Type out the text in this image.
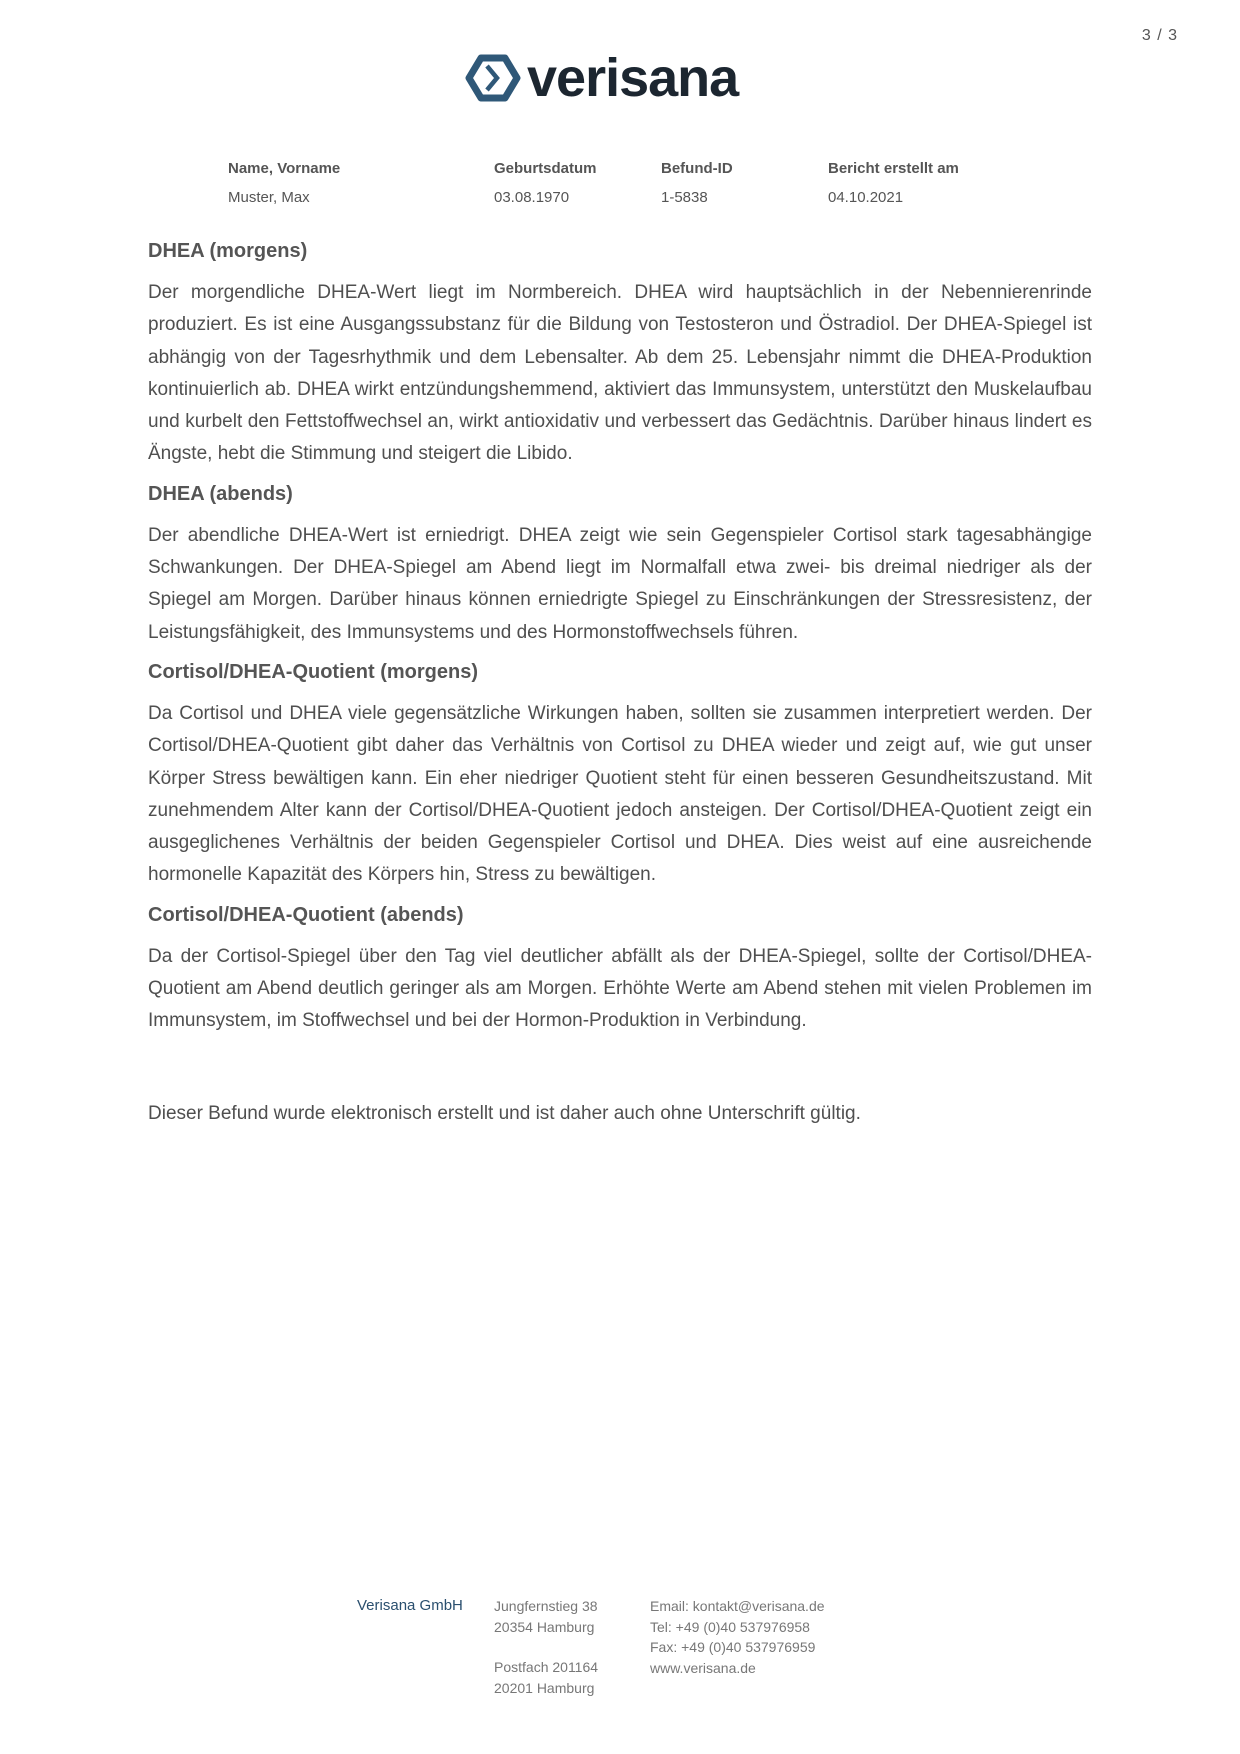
3 / 3
verisana
Name, Vorname
Muster, Max
Geburtsdatum
03.08.1970
Befund-ID
1-5838
Bericht erstellt am
04.10.2021
DHEA (morgens)

Der morgendliche DHEA-Wert liegt im Normbereich. DHEA wird hauptsächlich in der Nebennierenrinde produziert. Es ist eine Ausgangssubstanz für die Bildung von Testosteron und Östradiol. Der DHEA-Spiegel ist abhängig von der Tagesrhythmik und dem Lebensalter. Ab dem 25. Lebensjahr nimmt die DHEA-Produktion kontinuierlich ab. DHEA wirkt entzündungshemmend, aktiviert das Immunsystem, unterstützt den Muskelaufbau und kurbelt den Fettstoffwechsel an, wirkt antioxidativ und verbessert das Gedächtnis. Darüber hinaus lindert es Ängste, hebt die Stimmung und steigert die Libido.

DHEA (abends)

Der abendliche DHEA-Wert ist erniedrigt. DHEA zeigt wie sein Gegenspieler Cortisol stark tagesabhängige Schwankungen. Der DHEA-Spiegel am Abend liegt im Normalfall etwa zwei- bis dreimal niedriger als der Spiegel am Morgen. Darüber hinaus können erniedrigte Spiegel zu Einschränkungen der Stressresistenz, der Leistungsfähigkeit, des Immunsystems und des Hormonstoffwechsels führen.

Cortisol/DHEA-Quotient (morgens)

Da Cortisol und DHEA viele gegensätzliche Wirkungen haben, sollten sie zusammen interpretiert werden. Der Cortisol/DHEA-Quotient gibt daher das Verhältnis von Cortisol zu DHEA wieder und zeigt auf, wie gut unser Körper Stress bewältigen kann. Ein eher niedriger Quotient steht für einen besseren Gesundheitszustand. Mit zunehmendem Alter kann der Cortisol/DHEA-Quotient jedoch ansteigen. Der Cortisol/DHEA-Quotient zeigt ein ausgeglichenes Verhältnis der beiden Gegenspieler Cortisol und DHEA. Dies weist auf eine ausreichende hormonelle Kapazität des Körpers hin, Stress zu bewältigen.

Cortisol/DHEA-Quotient (abends)

Da der Cortisol-Spiegel über den Tag viel deutlicher abfällt als der DHEA-Spiegel, sollte der Cortisol/DHEA-Quotient am Abend deutlich geringer als am Morgen. Erhöhte Werte am Abend stehen mit vielen Problemen im Immunsystem, im Stoffwechsel und bei der Hormon-Produktion in Verbindung.

Dieser Befund wurde elektronisch erstellt und ist daher auch ohne Unterschrift gültig.

Verisana GmbH Jungfernstieg 38
20354 Hamburg
Postfach 201164
20201 Hamburg
Email: kontakt@verisana.de
Tel: +49 (0)40 537976958
Fax: +49 (0)40 537976959
www.verisana.de
